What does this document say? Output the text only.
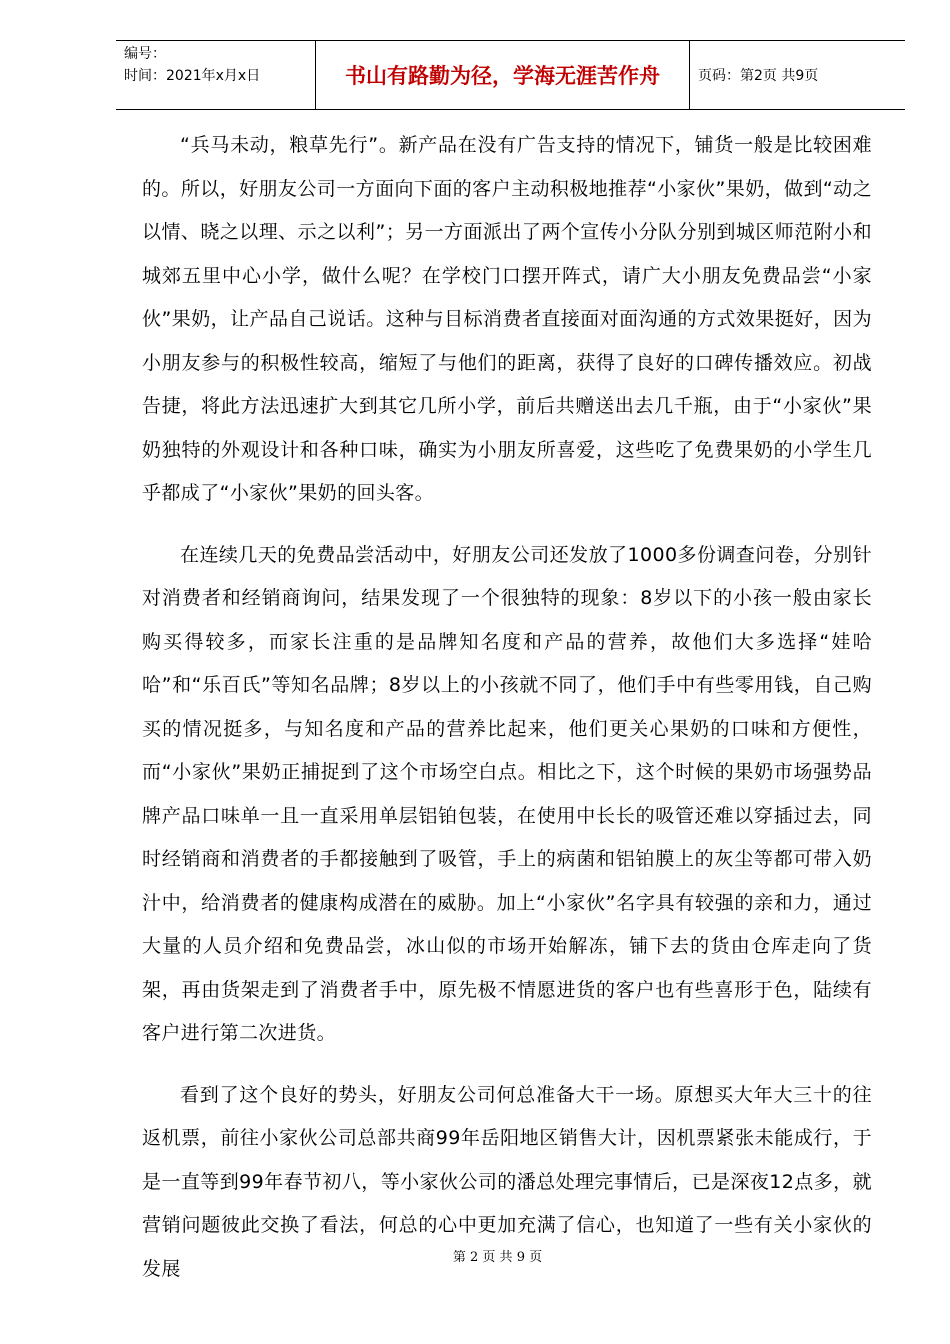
编号：
时间：2021年x月x日	书山有路勤为径，学海无涯苦作舟	页码：第2页 共9页

“兵马未动，粮草先行”。新产品在没有广告支持的情况下，铺货一般是比较困难的。所以，好朋友公司一方面向下面的客户主动积极地推荐“小家伙”果奶，做到“动之以情、晓之以理、示之以利”；另一方面派出了两个宣传小分队分别到城区师范附小和城郊五里中心小学，做什么呢？在学校门口摆开阵式，请广大小朋友免费品尝“小家伙”果奶，让产品自己说话。这种与目标消费者直接面对面沟通的方式效果挺好，因为小朋友参与的积极性较高，缩短了与他们的距离，获得了良好的口碑传播效应。初战告捷，将此方法迅速扩大到其它几所小学，前后共赠送出去几千瓶，由于“小家伙”果奶独特的外观设计和各种口味，确实为小朋友所喜爱，这些吃了免费果奶的小学生几乎都成了“小家伙”果奶的回头客。

在连续几天的免费品尝活动中，好朋友公司还发放了1000多份调查问卷，分别针对消费者和经销商询问，结果发现了一个很独特的现象：8岁以下的小孩一般由家长购买得较多，而家长注重的是品牌知名度和产品的营养，故他们大多选择“娃哈哈”和“乐百氏”等知名品牌；8岁以上的小孩就不同了，他们手中有些零用钱，自己购买的情况挺多，与知名度和产品的营养比起来，他们更关心果奶的口味和方便性，而“小家伙”果奶正捕捉到了这个市场空白点。相比之下，这个时候的果奶市场强势品牌产品口味单一且一直采用单层铝铂包装，在使用中长长的吸管还难以穿插过去，同时经销商和消费者的手都接触到了吸管，手上的病菌和铝铂膜上的灰尘等都可带入奶汁中，给消费者的健康构成潜在的威胁。加上“小家伙”名字具有较强的亲和力，通过大量的人员介绍和免费品尝，冰山似的市场开始解冻，铺下去的货由仓库走向了货架，再由货架走到了消费者手中，原先极不情愿进货的客户也有些喜形于色，陆续有客户进行第二次进货。

看到了这个良好的势头，好朋友公司何总准备大干一场。原想买大年大三十的往返机票，前往小家伙公司总部共商99年岳阳地区销售大计，因机票紧张未能成行，于是一直等到99年春节初八，等小家伙公司的潘总处理完事情后，已是深夜12点多，就营销问题彼此交换了看法，何总的心中更加充满了信心，也知道了一些有关小家伙的发展	第 2 页 共 9 页
